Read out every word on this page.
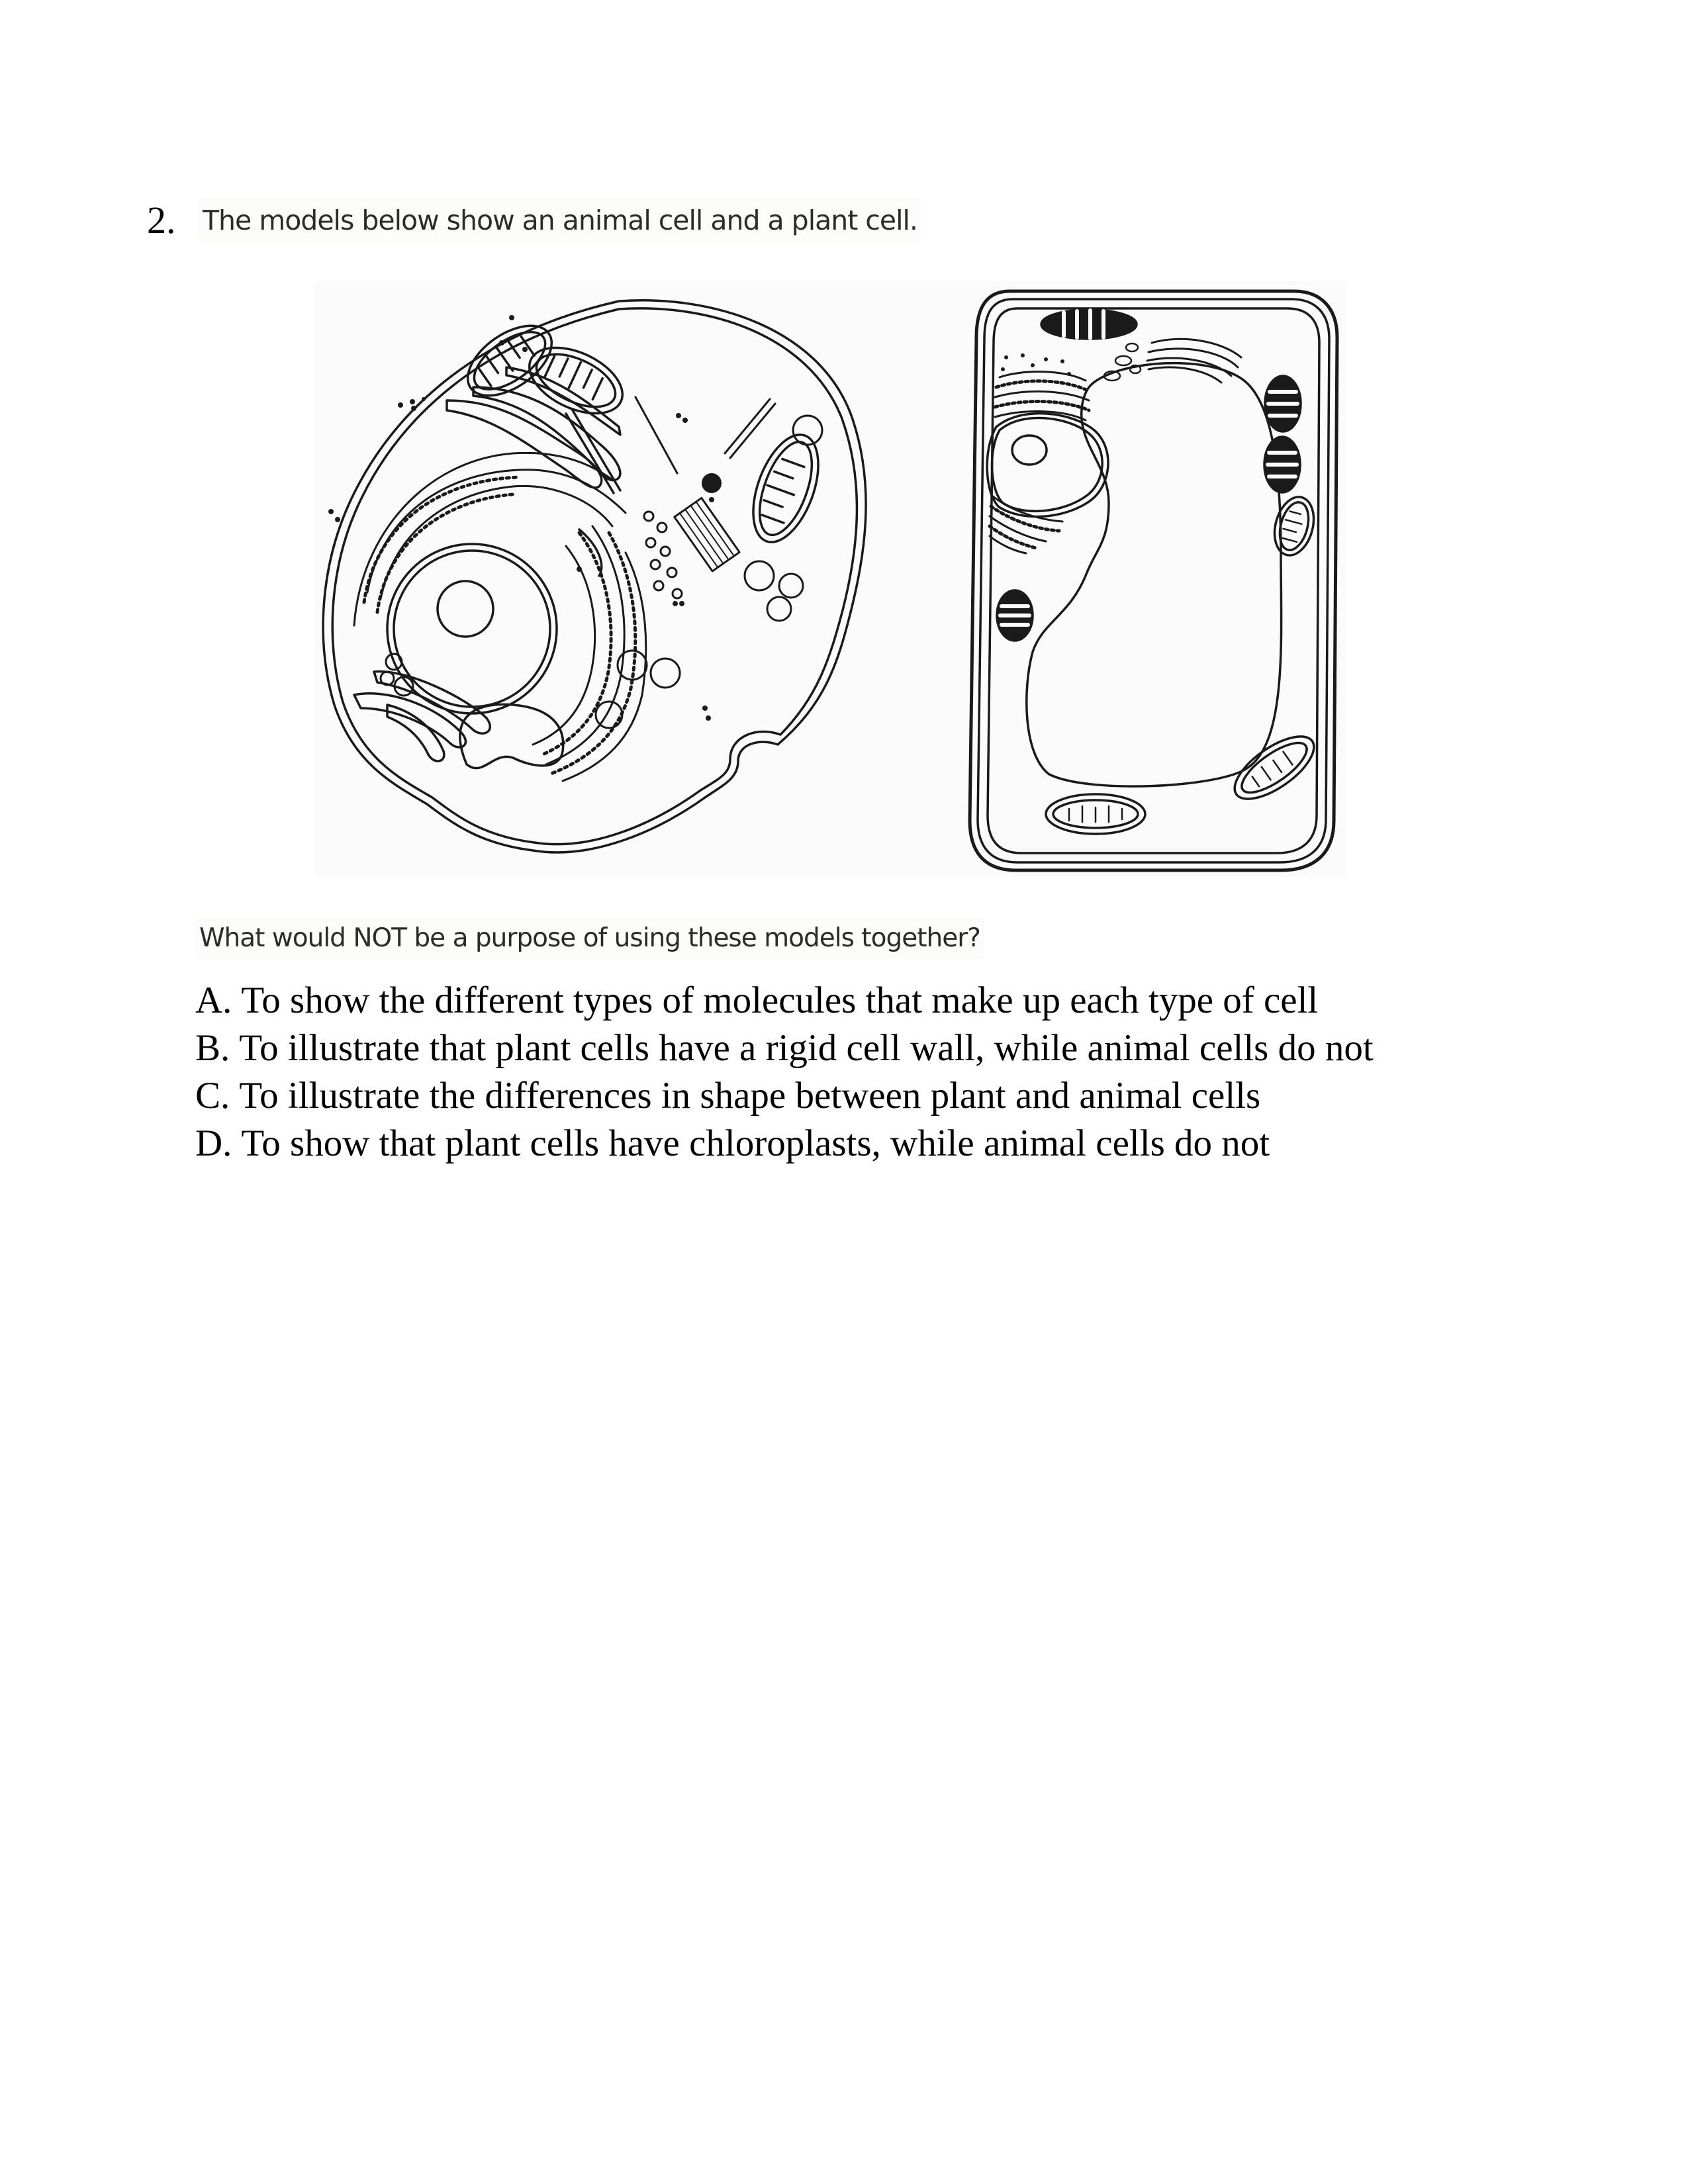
2. The models below show an animal cell and a plant cell.
What would NOT be a purpose of using these models together?
A. To show the different types of molecules that make up each type of cell
B. To illustrate that plant cells have a rigid cell wall, while animal cells do not
C. To illustrate the differences in shape between plant and animal cells
D. To show that plant cells have chloroplasts, while animal cells do not
